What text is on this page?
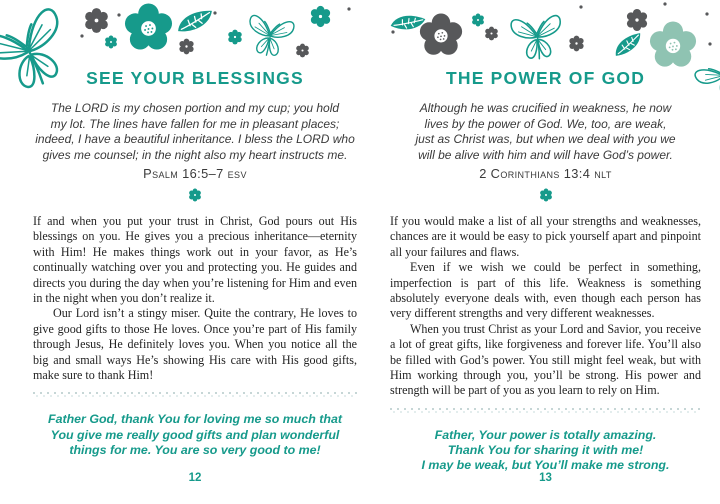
SEE YOUR BLESSINGS
The LORD is my chosen portion and my cup; you hold
my lot. The lines have fallen for me in pleasant places;
indeed, I have a beautiful inheritance. I bless the LORD who
gives me counsel; in the night also my heart instructs me.
Psalm 16:5–7 esv

If and when you put your trust in Christ, God pours out His blessings on you. He gives you a precious inheritance—eternity with Him! He makes things work out in your favor, as He’s continually watching over you and protecting you. He guides and directs you during the day when you’re listening for Him and even in the night when you don’t realize it.

Our Lord isn’t a stingy miser. Quite the contrary, He loves to give good gifts to those He loves. Once you’re part of His family through Jesus, He definitely loves you. When you notice all the big and small ways He’s showing His care with His good gifts, make sure to thank Him!

Father God, thank You for loving me so much that
You give me really good gifts and plan wonderful
things for me. You are so very good to me!
12
THE POWER OF GOD
Although he was crucified in weakness, he now
lives by the power of God. We, too, are weak,
just as Christ was, but when we deal with you we
will be alive with him and will have God’s power.
2 Corinthians 13:4 nlt

If you would make a list of all your strengths and weaknesses, chances are it would be easy to pick yourself apart and pinpoint all your failures and flaws.

Even if we wish we could be perfect in something, imperfection is part of this life. Weakness is something absolutely everyone deals with, even though each person has very different strengths and very different weaknesses.

When you trust Christ as your Lord and Savior, you receive a lot of great gifts, like forgiveness and forever life. You’ll also be filled with God’s power. You still might feel weak, but with Him working through you, you’ll be strong. His power and strength will be part of you as you learn to rely on Him.

Father, Your power is totally amazing.
Thank You for sharing it with me!
I may be weak, but You’ll make me strong.
13
